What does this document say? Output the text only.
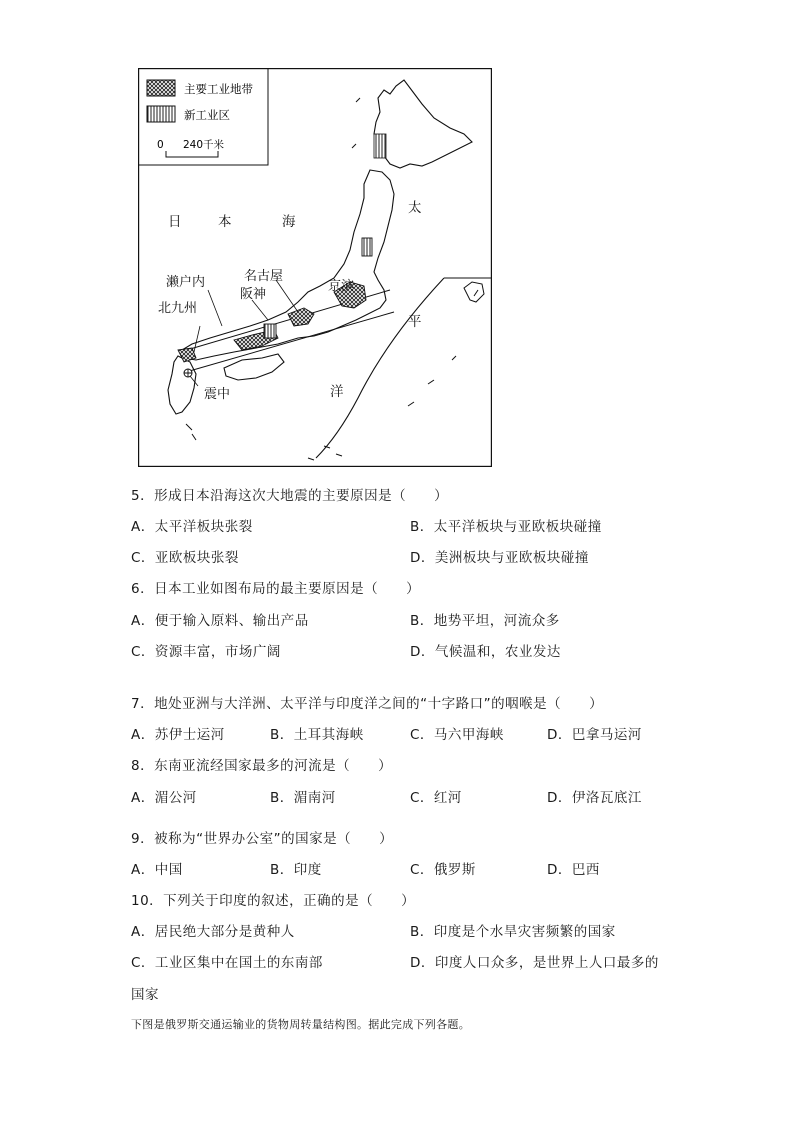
主要工业地带
新工业区
0 240千米
日	本	海
太
平
洋
濑户内	名古屋
阪神
京滨
北九州
震中
5．形成日本沿海这次大地震的主要原因是（　　）
A．太平洋板块张裂	B．太平洋板块与亚欧板块碰撞
C．亚欧板块张裂	D．美洲板块与亚欧板块碰撞
6．日本工业如图布局的最主要原因是（　　）
A．便于输入原料、输出产品	B．地势平坦，河流众多
C．资源丰富，市场广阔	D．气候温和，农业发达
7．地处亚洲与大洋洲、太平洋与印度洋之间的“十字路口”的咽喉是（　　）
A．苏伊士运河	B．土耳其海峡	C．马六甲海峡	D．巴拿马运河
8．东南亚流经国家最多的河流是（　　）
A．湄公河	B．湄南河	C．红河	D．伊洛瓦底江
9．被称为“世界办公室”的国家是（　　）
A．中国	B．印度	C．俄罗斯	D．巴西
10．下列关于印度的叙述，正确的是（　　）
A．居民绝大部分是黄种人	B．印度是个水旱灾害频繁的国家
C．工业区集中在国土的东南部	D．印度人口众多，是世界上人口最多的
国家
下图是俄罗斯交通运输业的货物周转量结构图。据此完成下列各题。
